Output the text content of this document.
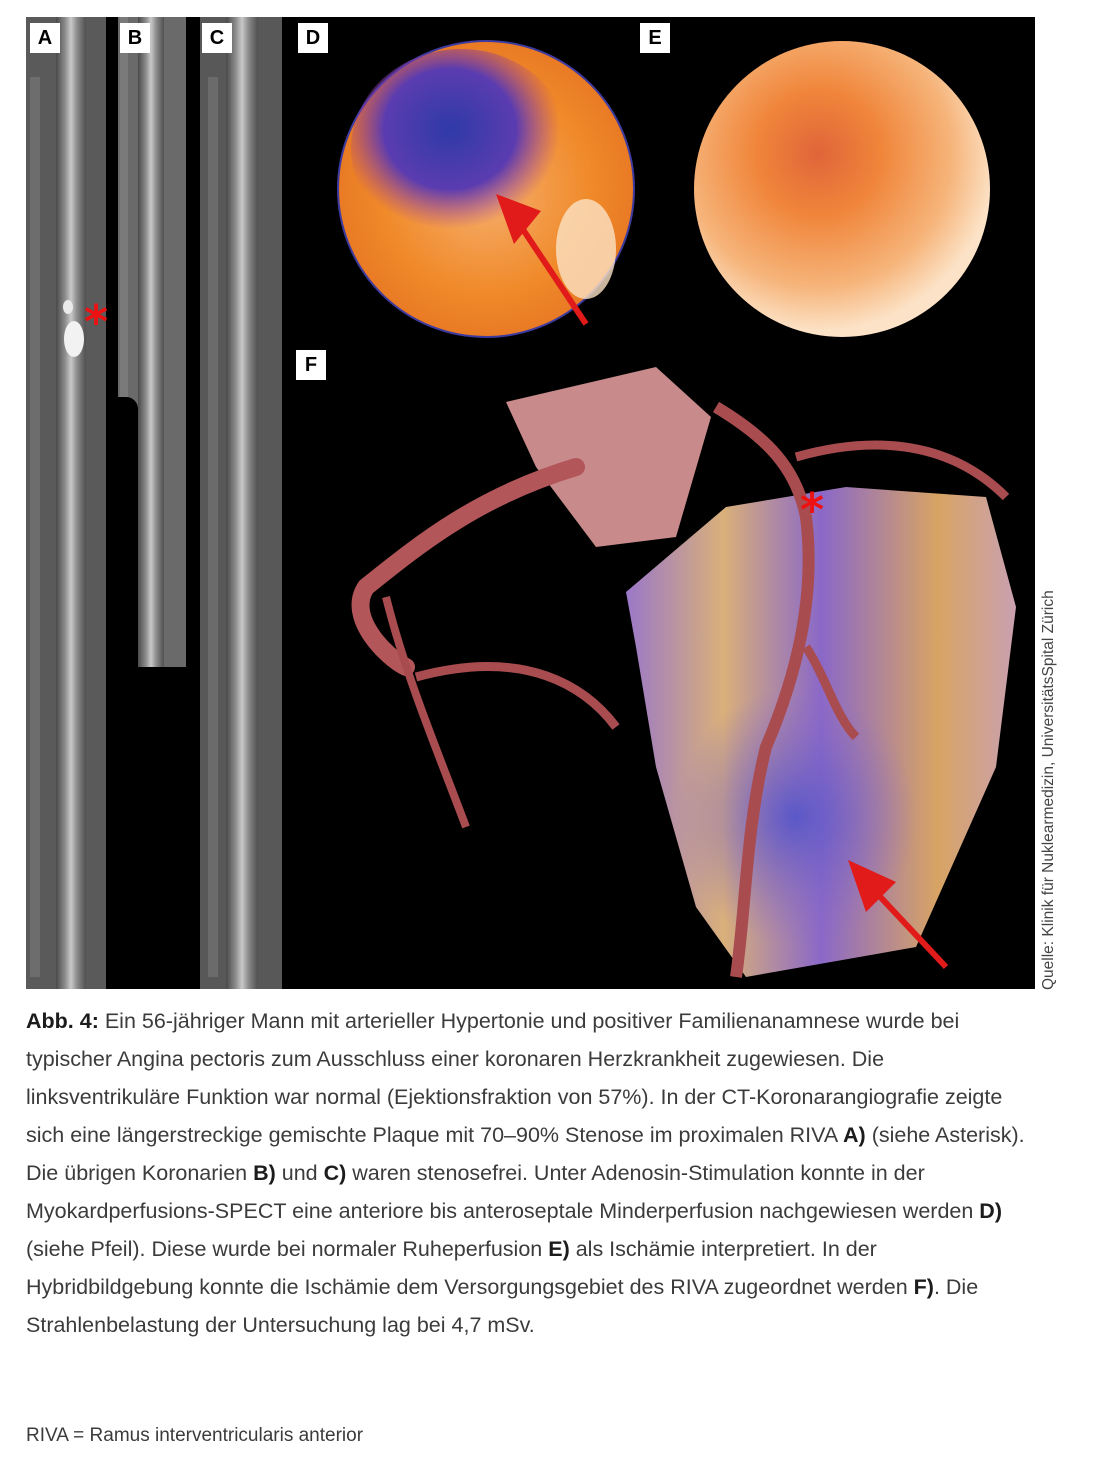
A	B	C
*
D	E
F
*
Quelle: Klinik für Nuklearmedizin, UniversitätsSpital Zürich
Abb. 4: Ein 56-jähriger Mann mit arterieller Hypertonie und positiver Familienanamnese wurde bei typischer Angina pectoris zum Ausschluss einer koronaren Herzkrankheit zugewiesen. Die linksventrikuläre Funktion war normal (Ejektionsfraktion von 57%). In der CT-Koronarangiografie zeigte sich eine längerstreckige gemischte Plaque mit 70–90% Stenose im proximalen RIVA A) (siehe Asterisk). Die übrigen Koronarien B) und C) waren stenosefrei. Unter Adenosin-Stimulation konnte in der Myokardperfusions-SPECT eine anteriore bis anteroseptale Minderperfusion nachgewiesen werden D) (siehe Pfeil). Diese wurde bei normaler Ruheperfusion E) als Ischämie interpretiert. In der Hybridbildgebung konnte die Ischämie dem Versorgungsgebiet des RIVA zugeordnet werden F). Die Strahlenbelastung der Untersuchung lag bei 4,7 mSv.
RIVA = Ramus interventricularis anterior
